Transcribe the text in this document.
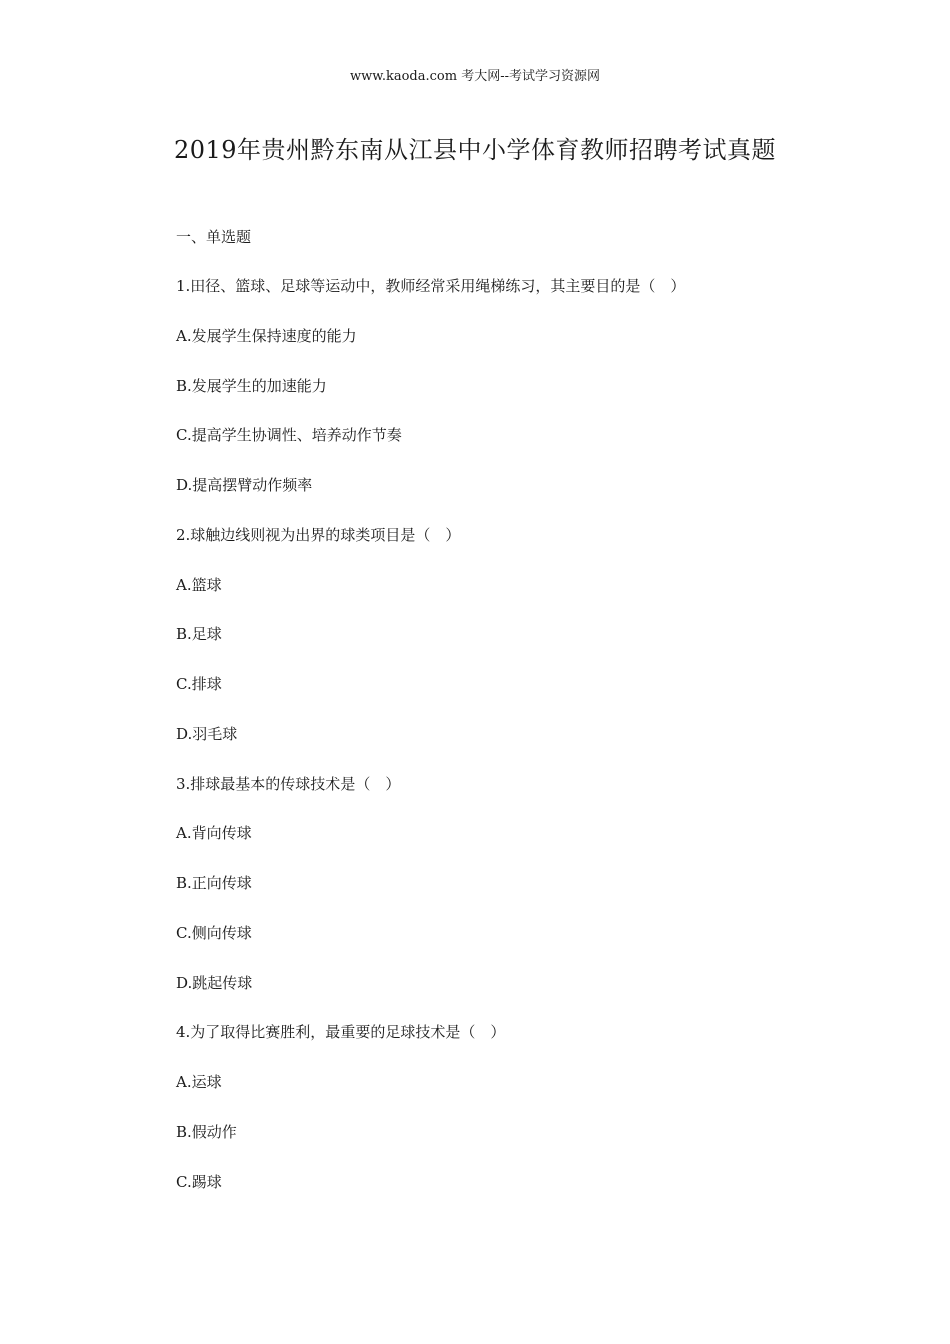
www.kaoda.com 考大网--考试学习资源网
2019年贵州黔东南从江县中小学体育教师招聘考试真题
一、单选题
1.田径、篮球、足球等运动中，教师经常采用绳梯练习，其主要目的是（　）
A.发展学生保持速度的能力
B.发展学生的加速能力
C.提高学生协调性、培养动作节奏
D.提高摆臂动作频率
2.球触边线则视为出界的球类项目是（　）
A.篮球
B.足球
C.排球
D.羽毛球
3.排球最基本的传球技术是（　）
A.背向传球
B.正向传球
C.侧向传球
D.跳起传球
4.为了取得比赛胜利，最重要的足球技术是（　）
A.运球
B.假动作
C.踢球
